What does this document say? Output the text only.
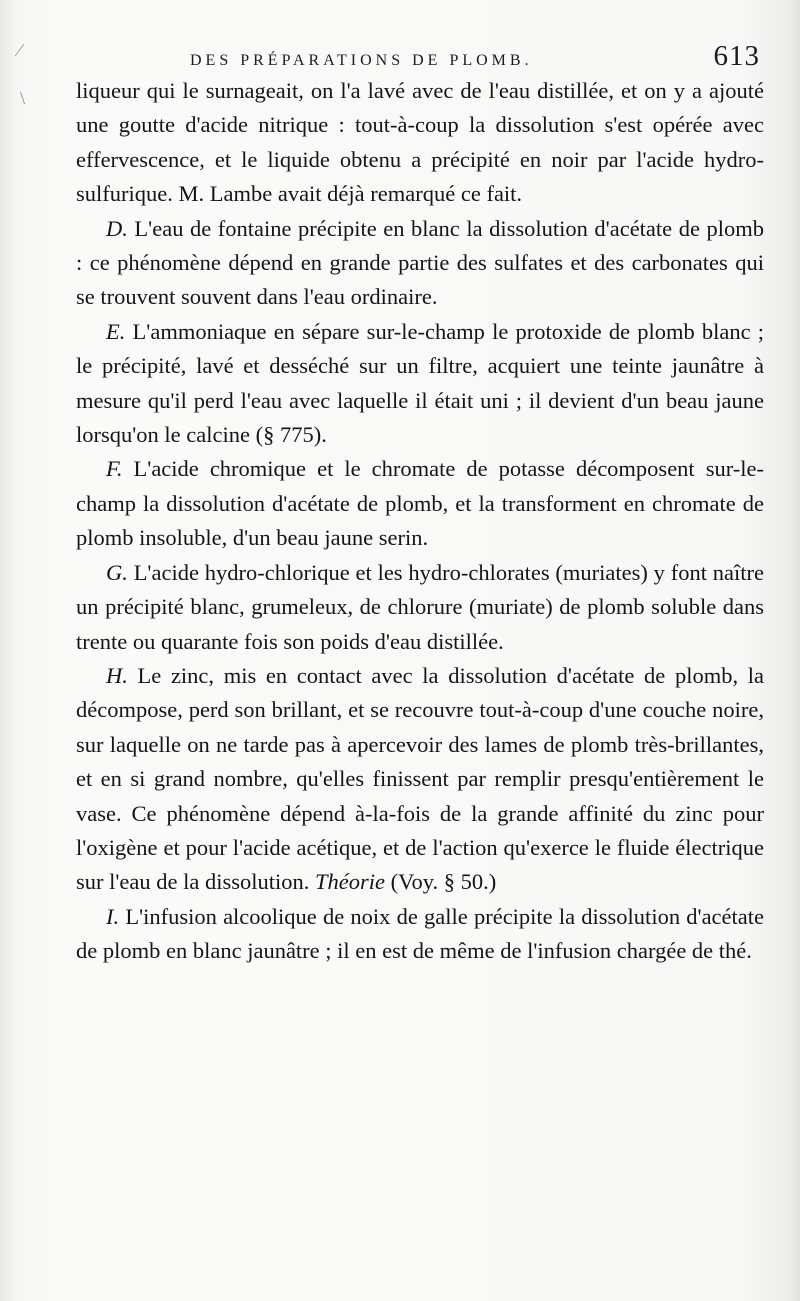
DES PRÉPARATIONS DE PLOMB.	613
⁄
\ liqueur qui le surnageait, on l'a lavé avec de l'eau distillée, et on y a ajouté une goutte d'acide nitrique : tout-à-coup la dissolution s'est opérée avec effervescence, et le liquide obtenu a précipité en noir par l'acide hydro-sulfurique. M. Lambe avait déjà remarqué ce fait.

D. L'eau de fontaine précipite en blanc la dissolution d'acétate de plomb : ce phénomène dépend en grande partie des sulfates et des carbonates qui se trouvent souvent dans l'eau ordinaire.

E. L'ammoniaque en sépare sur-le-champ le protoxide de plomb blanc ; le précipité, lavé et desséché sur un filtre, acquiert une teinte jaunâtre à mesure qu'il perd l'eau avec laquelle il était uni ; il devient d'un beau jaune lorsqu'on le calcine (§ 775).

F. L'acide chromique et le chromate de potasse décomposent sur-le-champ la dissolution d'acétate de plomb, et la transforment en chromate de plomb insoluble, d'un beau jaune serin.

G. L'acide hydro-chlorique et les hydro-chlorates (muriates) y font naître un précipité blanc, grumeleux, de chlorure (muriate) de plomb soluble dans trente ou quarante fois son poids d'eau distillée.

H. Le zinc, mis en contact avec la dissolution d'acétate de plomb, la décompose, perd son brillant, et se recouvre tout-à-coup d'une couche noire, sur laquelle on ne tarde pas à apercevoir des lames de plomb très-brillantes, et en si grand nombre, qu'elles finissent par remplir presqu'entièrement le vase. Ce phénomène dépend à-la-fois de la grande affinité du zinc pour l'oxigène et pour l'acide acétique, et de l'action qu'exerce le fluide électrique sur l'eau de la dissolution. Théorie (Voy. § 50.)

I. L'infusion alcoolique de noix de galle précipite la dissolution d'acétate de plomb en blanc jaunâtre ; il en est de même de l'infusion chargée de thé.
